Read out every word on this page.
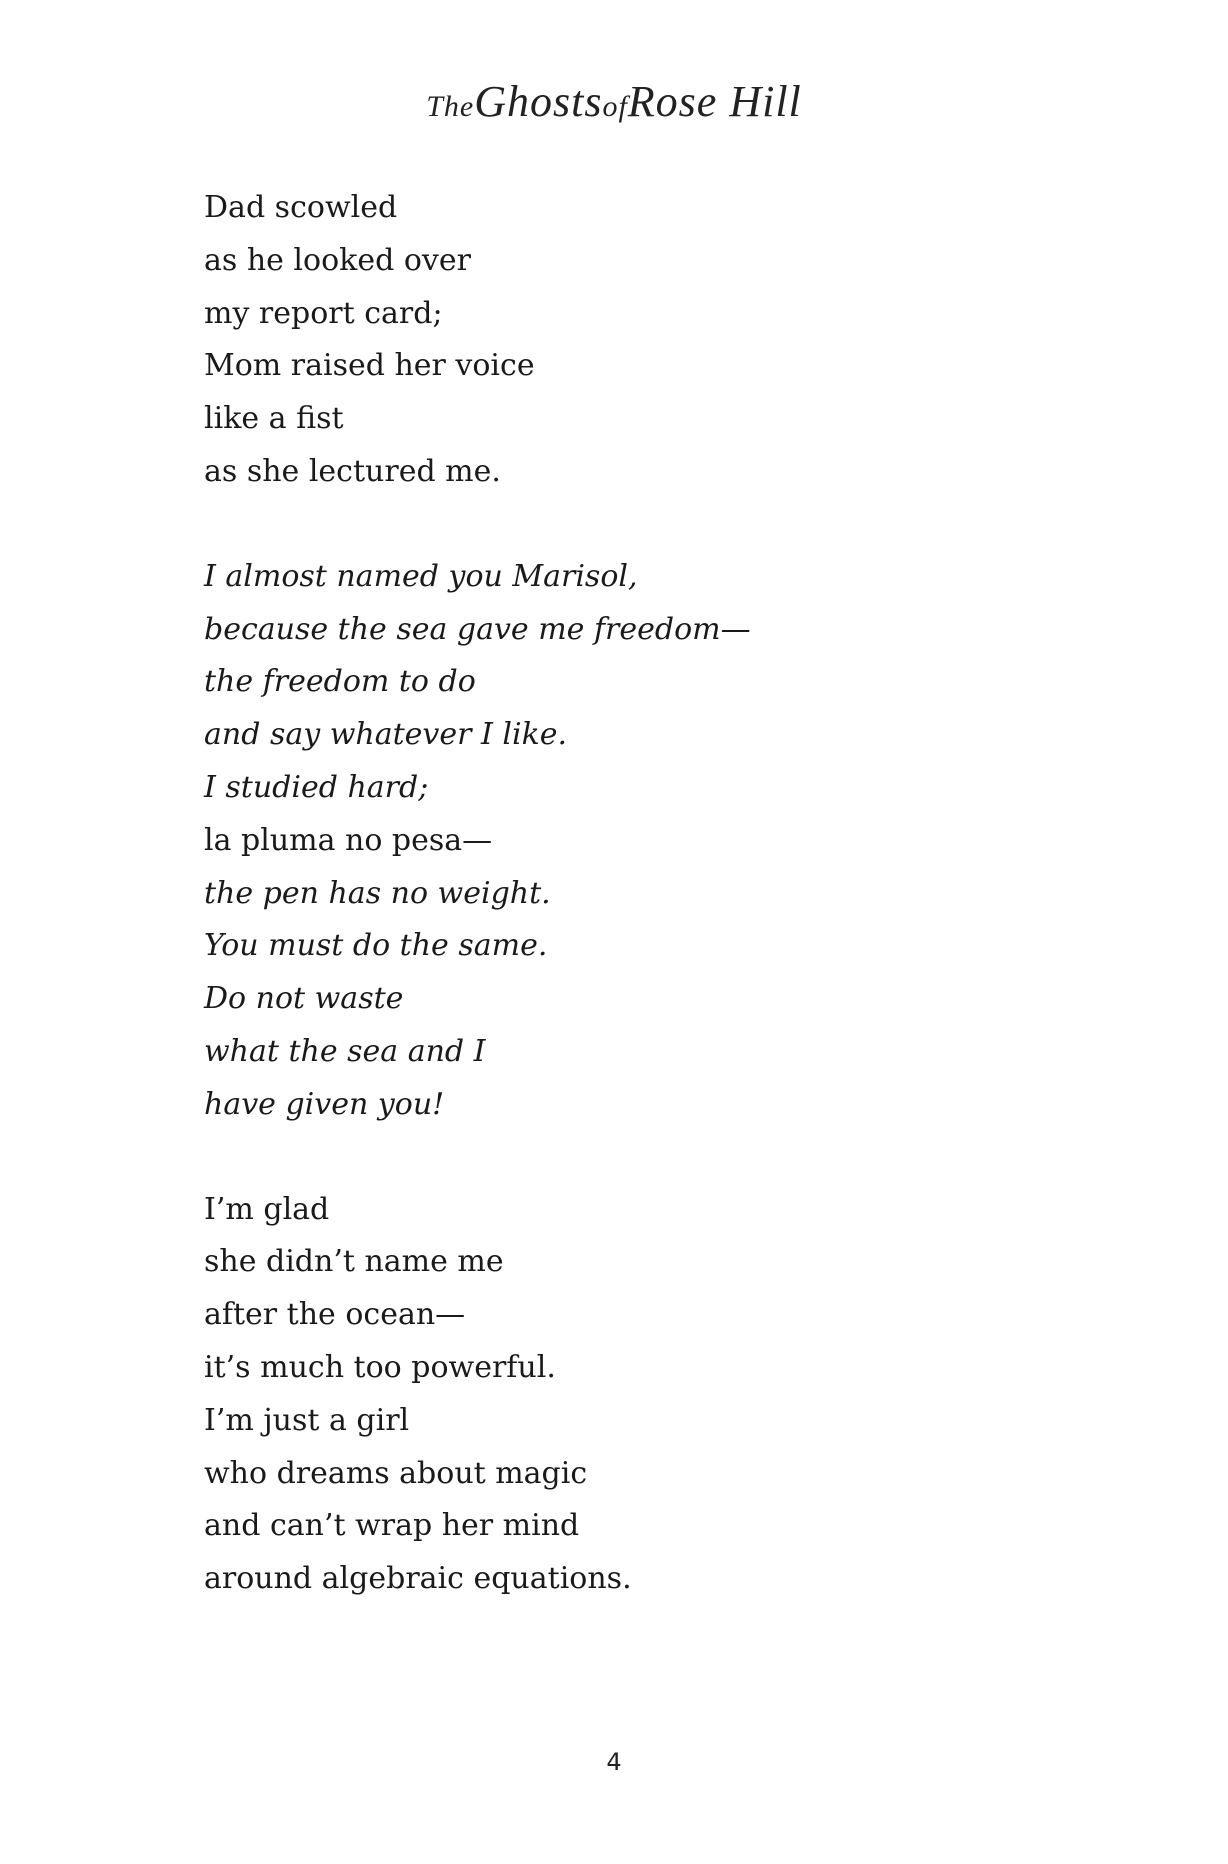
TheGhostsofRose Hill
Dad scowled
as he looked over
my report card;
Mom raised her voice
like a fist
as she lectured me.
I almost named you Marisol,
because the sea gave me freedom—
the freedom to do
and say whatever I like.
I studied hard;
la pluma no pesa—
the pen has no weight.
You must do the same.
Do not waste
what the sea and I
have given you!
I’m glad
she didn’t name me
after the ocean—
it’s much too powerful.
I’m just a girl
who dreams about magic
and can’t wrap her mind
around algebraic equations.
4
